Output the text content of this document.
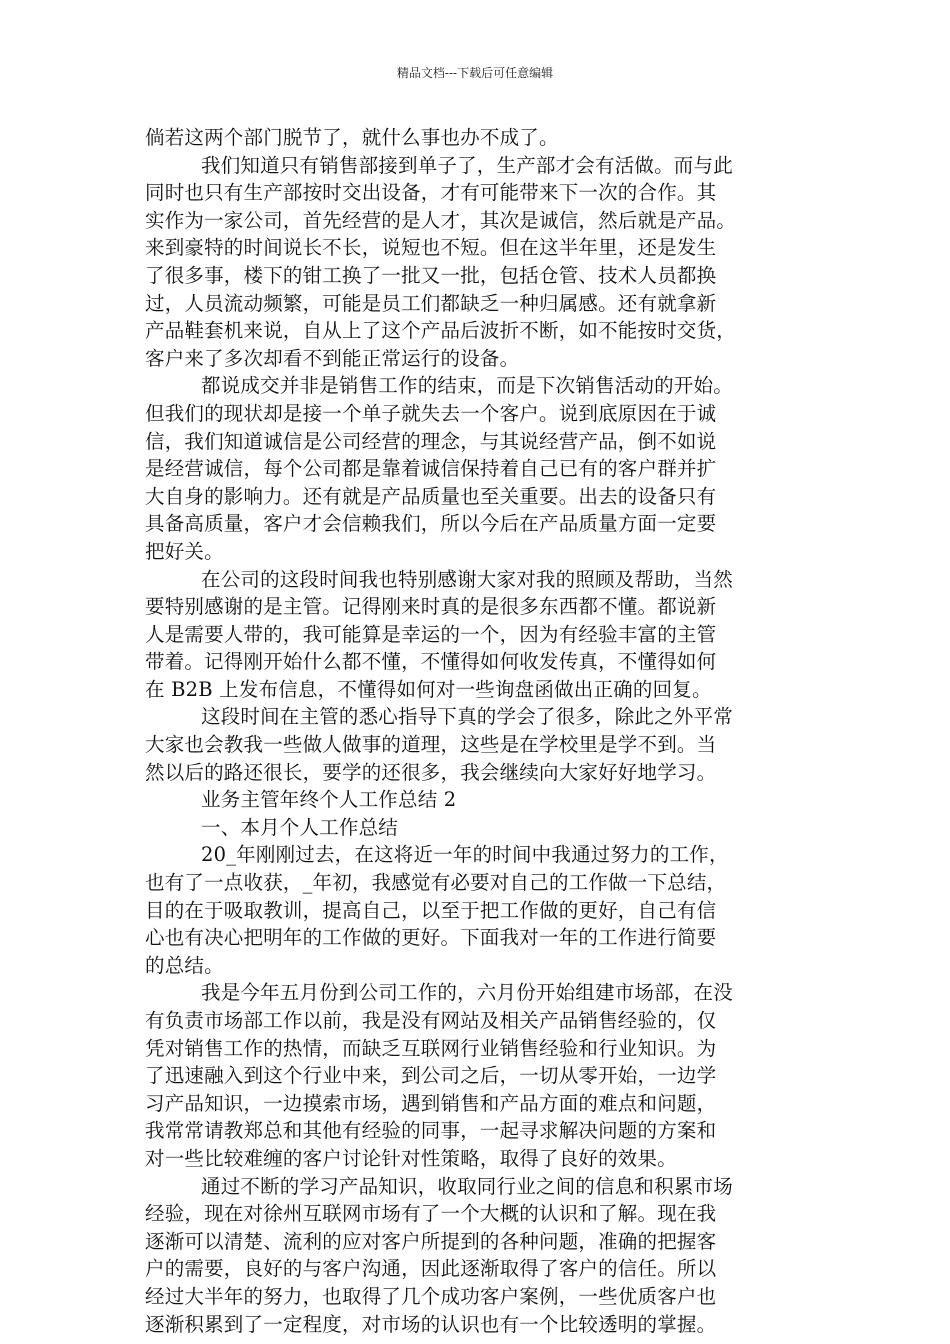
精品文档---下载后可任意编辑
倘若这两个部门脱节了，就什么事也办不成了。
我们知道只有销售部接到单子了，生产部才会有活做。而与此
同时也只有生产部按时交出设备，才有可能带来下一次的合作。其
实作为一家公司，首先经营的是人才，其次是诚信，然后就是产品。
来到豪特的时间说长不长，说短也不短。但在这半年里，还是发生
了很多事，楼下的钳工换了一批又一批，包括仓管、技术人员都换
过，人员流动频繁，可能是员工们都缺乏一种归属感。还有就拿新
产品鞋套机来说，自从上了这个产品后波折不断，如不能按时交货，
客户来了多次却看不到能正常运行的设备。
都说成交并非是销售工作的结束，而是下次销售活动的开始。
但我们的现状却是接一个单子就失去一个客户。说到底原因在于诚
信，我们知道诚信是公司经营的理念，与其说经营产品，倒不如说
是经营诚信，每个公司都是靠着诚信保持着自己已有的客户群并扩
大自身的影响力。还有就是产品质量也至关重要。出去的设备只有
具备高质量，客户才会信赖我们，所以今后在产品质量方面一定要
把好关。
在公司的这段时间我也特别感谢大家对我的照顾及帮助，当然
要特别感谢的是主管。记得刚来时真的是很多东西都不懂。都说新
人是需要人带的，我可能算是幸运的一个，因为有经验丰富的主管
带着。记得刚开始什么都不懂，不懂得如何收发传真，不懂得如何
在 B2B 上发布信息，不懂得如何对一些询盘函做出正确的回复。
这段时间在主管的悉心指导下真的学会了很多，除此之外平常
大家也会教我一些做人做事的道理，这些是在学校里是学不到。当
然以后的路还很长，要学的还很多，我会继续向大家好好地学习。
业务主管年终个人工作总结 2
一、本月个人工作总结
20_年刚刚过去，在这将近一年的时间中我通过努力的工作，
也有了一点收获，_年初，我感觉有必要对自己的工作做一下总结，
目的在于吸取教训，提高自己，以至于把工作做的更好，自己有信
心也有决心把明年的工作做的更好。下面我对一年的工作进行简要
的总结。
我是今年五月份到公司工作的，六月份开始组建市场部，在没
有负责市场部工作以前，我是没有网站及相关产品销售经验的，仅
凭对销售工作的热情，而缺乏互联网行业销售经验和行业知识。为
了迅速融入到这个行业中来，到公司之后，一切从零开始，一边学
习产品知识，一边摸索市场，遇到销售和产品方面的难点和问题，
我常常请教郑总和其他有经验的同事，一起寻求解决问题的方案和
对一些比较难缠的客户讨论针对性策略，取得了良好的效果。
通过不断的学习产品知识，收取同行业之间的信息和积累市场
经验，现在对徐州互联网市场有了一个大概的认识和了解。现在我
逐渐可以清楚、流利的应对客户所提到的各种问题，准确的把握客
户的需要，良好的与客户沟通，因此逐渐取得了客户的信任。所以
经过大半年的努力，也取得了几个成功客户案例，一些优质客户也
逐渐积累到了一定程度，对市场的认识也有一个比较透明的掌握。
